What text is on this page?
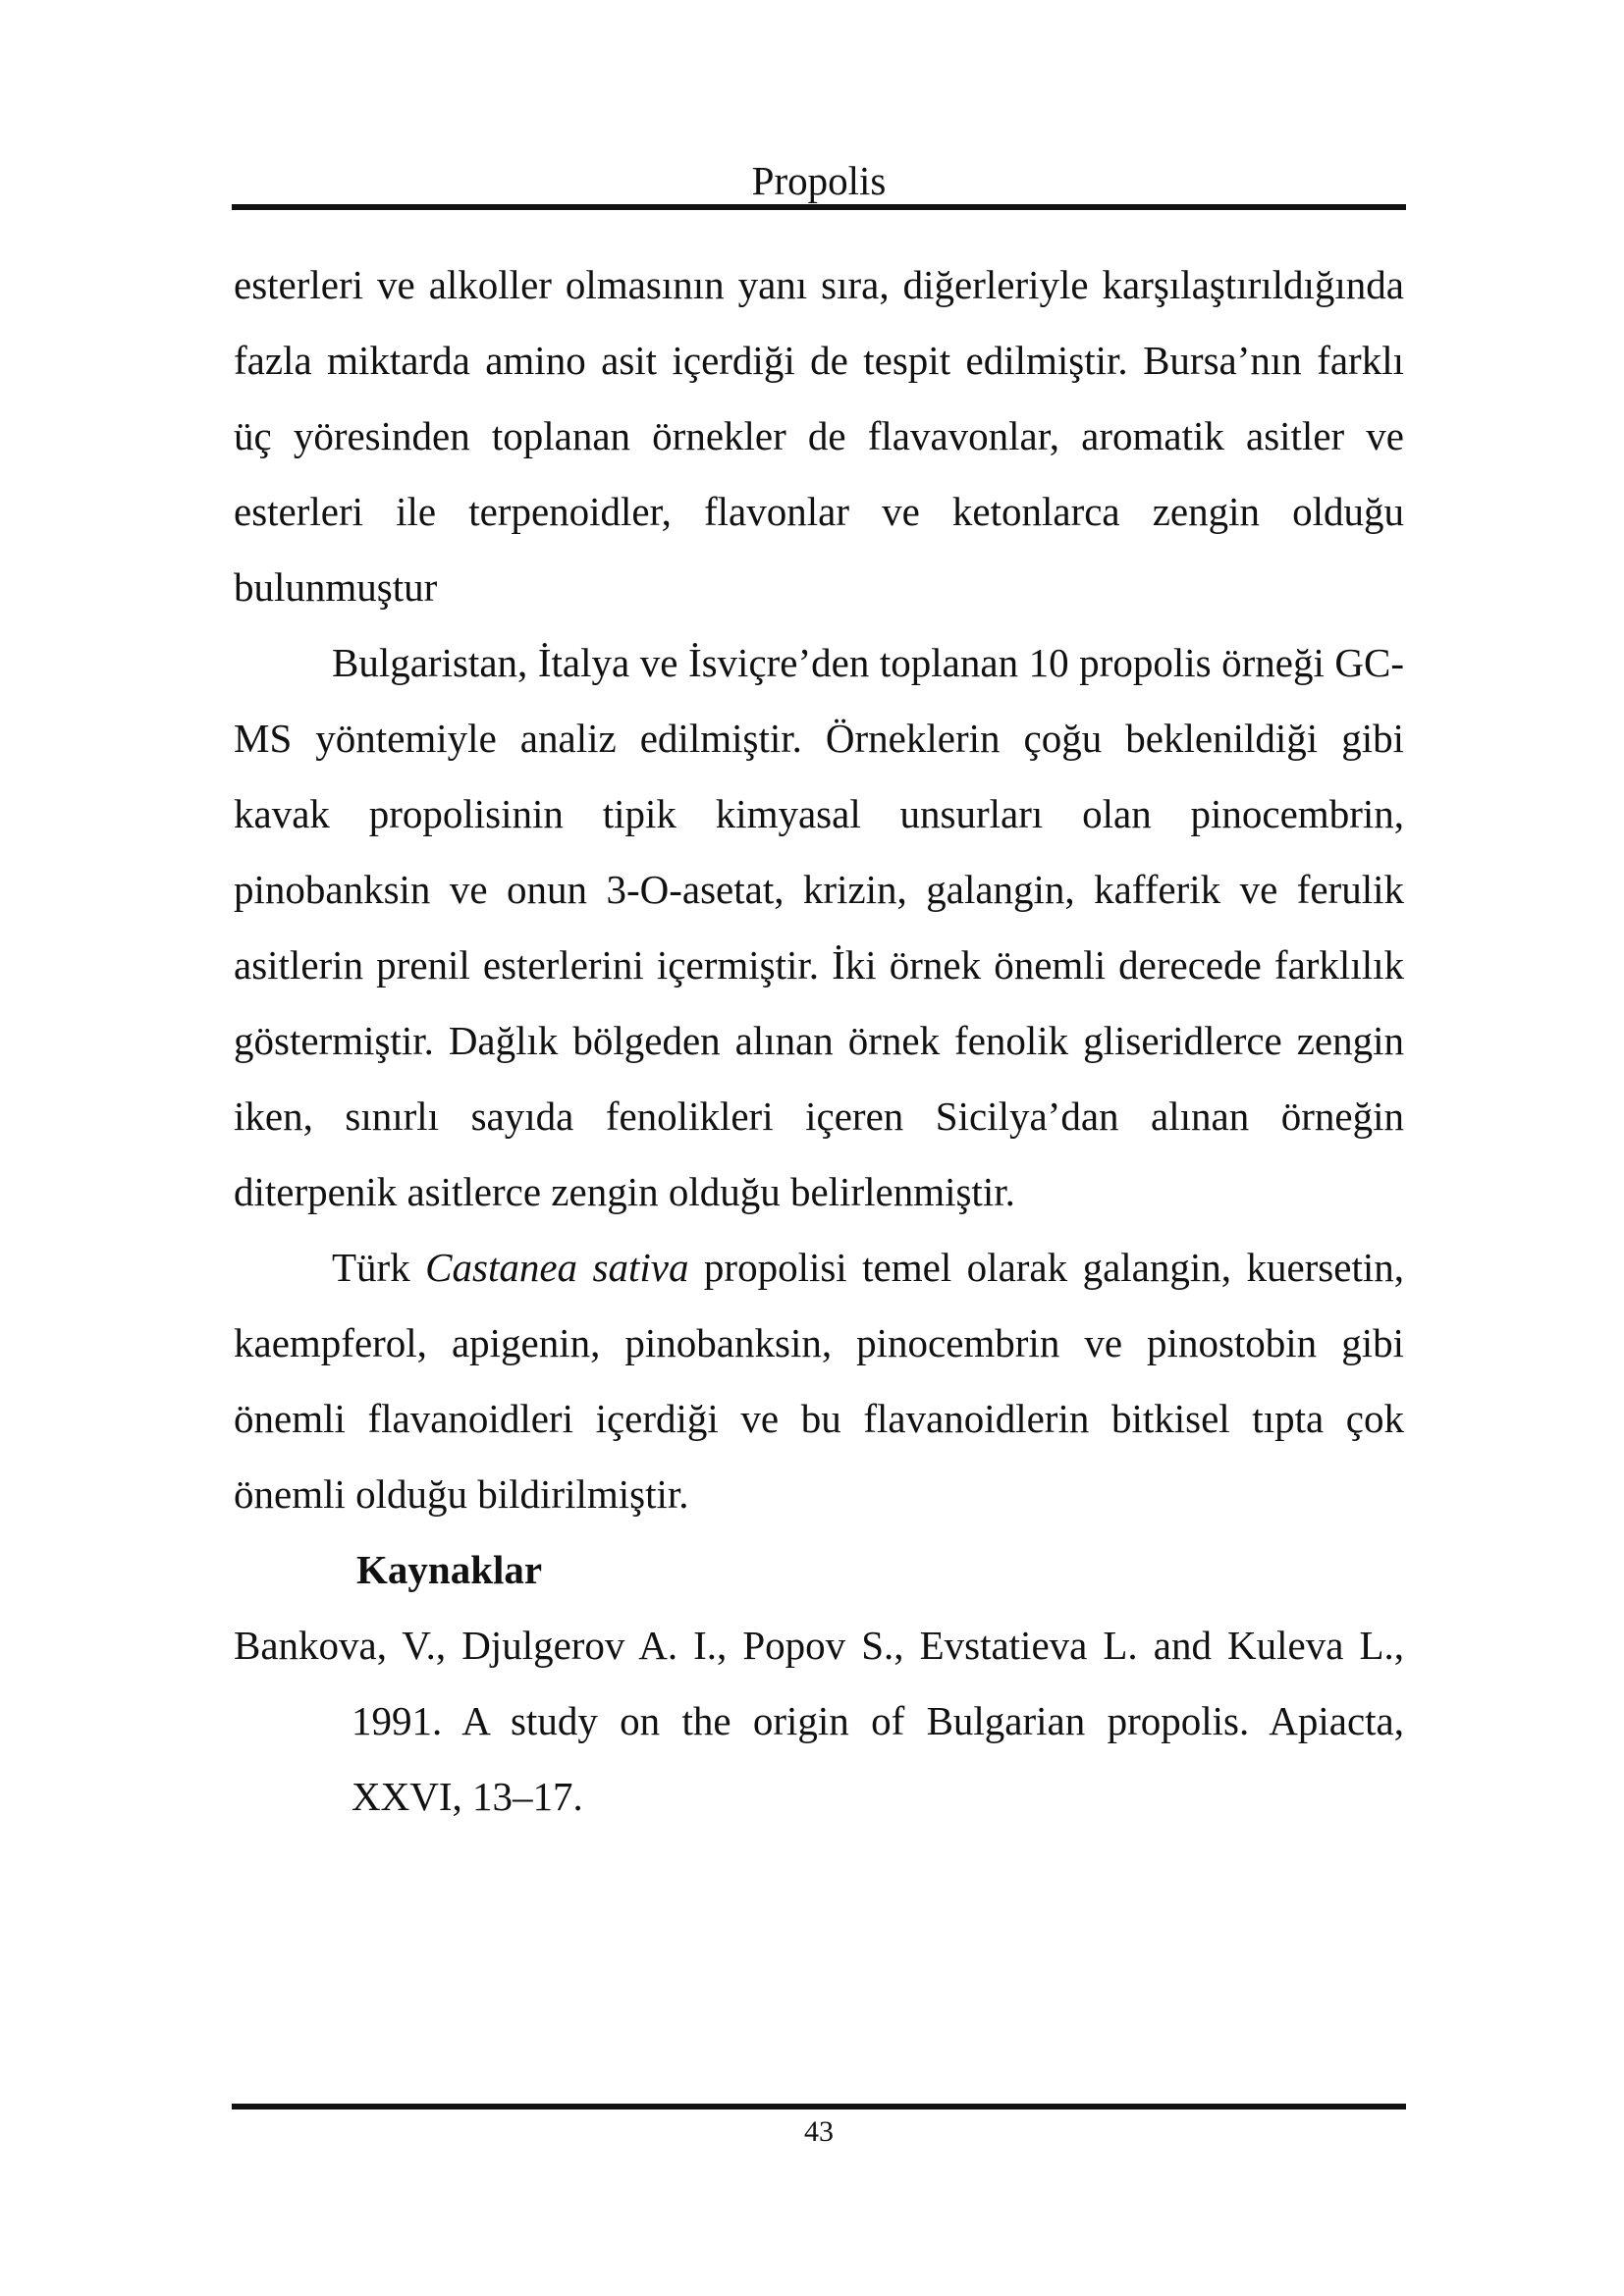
Propolis

esterleri ve alkoller olmasının yanı sıra, diğerleriyle karşılaştırıldığında fazla miktarda amino asit içerdiği de tespit edilmiştir. Bursa’nın farklı üç yöresinden toplanan örnekler de flavavonlar, aromatik asitler ve esterleri ile terpenoidler, flavonlar ve ketonlarca zengin olduğu bulunmuştur

Bulgaristan, İtalya ve İsviçre’den toplanan 10 propolis örneği GC-MS yöntemiyle analiz edilmiştir. Örneklerin çoğu beklenildiği gibi kavak propolisinin tipik kimyasal unsurları olan pinocembrin, pinobanksin ve onun 3-O-asetat, krizin, galangin, kafferik ve ferulik asitlerin prenil esterlerini içermiştir. İki örnek önemli derecede farklılık göstermiştir. Dağlık bölgeden alınan örnek fenolik gliseridlerce zengin iken, sınırlı sayıda fenolikleri içeren Sicilya’dan alınan örneğin diterpenik asitlerce zengin olduğu belirlenmiştir.

Türk Castanea sativa propolisi temel olarak galangin, kuersetin, kaempferol, apigenin, pinobanksin, pinocembrin ve pinostobin gibi önemli flavanoidleri içerdiği ve bu flavanoidlerin bitkisel tıpta çok önemli olduğu bildirilmiştir.

Kaynaklar

Bankova, V., Djulgerov A. I., Popov S., Evstatieva L. and Kuleva L., 1991. A study on the origin of Bulgarian propolis. Apiacta, XXVI, 13–17.

43
